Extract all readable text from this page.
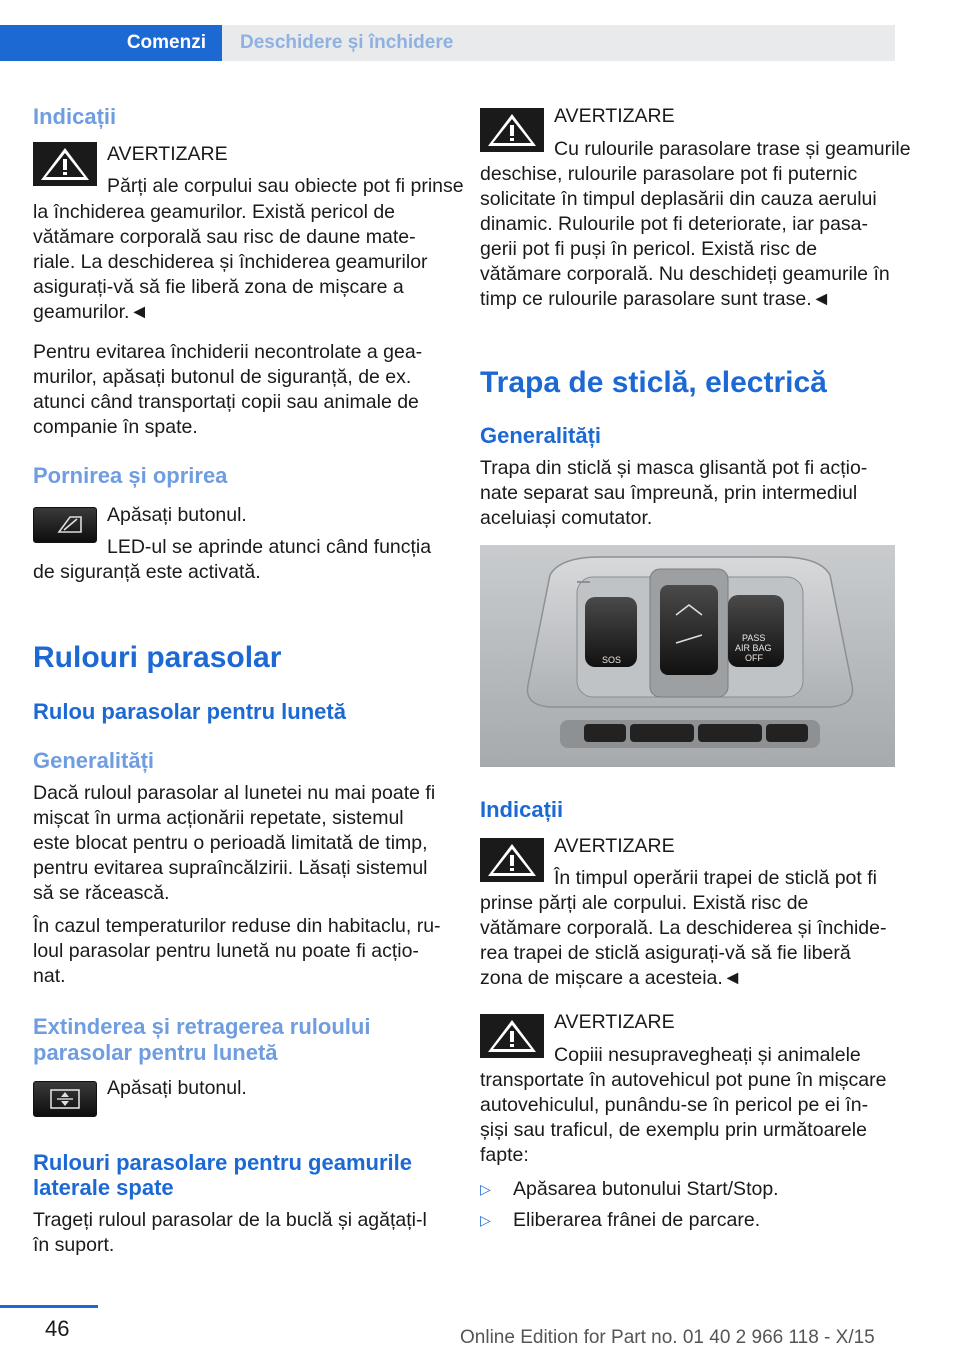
Comenzi	Deschidere și închidere
Indicații

AVERTIZARE

Părți ale corpului sau obiecte pot fi prinse

la închiderea geamurilor. Există pericol de

vătămare corporală sau risc de daune mate-

riale. La deschiderea și închiderea geamurilor

asigurați-vă să fie liberă zona de mișcare a

geamurilor.◄

Pentru evitarea închiderii necontrolate a gea-

murilor, apăsați butonul de siguranță, de ex.

atunci când transportați copii sau animale de

companie în spate.

Pornirea și oprirea

Apăsați butonul.

LED-ul se aprinde atunci când funcția

de siguranță este activată.

Rulouri parasolar
Rulou parasolar pentru lunetă
Generalități

Dacă ruloul parasolar al lunetei nu mai poate fi

mișcat în urma acționării repetate, sistemul

este blocat pentru o perioadă limitată de timp,

pentru evitarea supraîncălzirii. Lăsați sistemul

să se răcească.

În cazul temperaturilor reduse din habitaclu, ru-

loul parasolar pentru lunetă nu poate fi acțio-

nat.

Extinderea și retragerea ruloului
parasolar pentru lunetă

Apăsați butonul.

Rulouri parasolare pentru geamurile
laterale spate

Trageți ruloul parasolar de la buclă și agățați-l

în suport.

AVERTIZARE

Cu rulourile parasolare trase și geamurile

deschise, rulourile parasolare pot fi puternic

solicitate în timpul deplasării din cauza aerului

dinamic. Rulourile pot fi deteriorate, iar pasa-

gerii pot fi puși în pericol. Există risc de

vătămare corporală. Nu deschideți geamurile în

timp ce rulourile parasolare sunt trase.◄

Trapa de sticlă, electrică
Generalități

Trapa din sticlă și masca glisantă pot fi acțio-

nate separat sau împreună, prin intermediul

aceluiași comutator.

SOS
PASS
AIR BAG
OFF
Indicații

AVERTIZARE

În timpul operării trapei de sticlă pot fi

prinse părți ale corpului. Există risc de

vătămare corporală. La deschiderea și închide-

rea trapei de sticlă asigurați-vă să fie liberă

zona de mișcare a acesteia.◄

AVERTIZARE

Copiii nesupravegheați și animalele

transportate în autovehicul pot pune în mișcare

autovehiculul, punându-se în pericol pe ei în-

șiși sau traficul, de exemplu prin următoarele

fapte:

▷ Apăsarea butonului Start/Stop.
▷ Eliberarea frânei de parcare.
46	Online Edition for Part no. 01 40 2 966 118 - X/15
